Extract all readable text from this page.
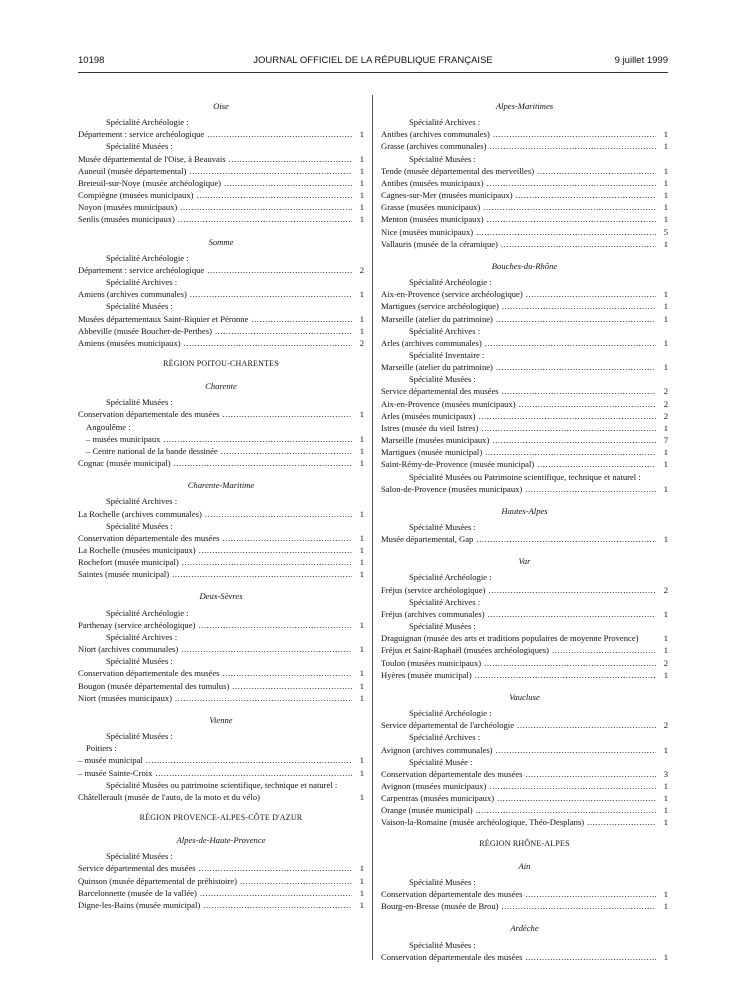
10198	JOURNAL OFFICIEL DE LA RÉPUBLIQUE FRANÇAISE	9 juillet 1999
Oise
Spécialité Archéologie :
Département : service archéologique .....	1
Spécialité Musées :
Musée départemental de l'Oise, à Beauvais .....	1
Auneuil (musée départemental) .....	1
Breteuil-sur-Noye (musée archéologique) .....	1
Compiègne (musées municipaux) .....	1
Noyon (musées municipaux) .....	1
Senlis (musées municipaux) .....	1
Somme
Spécialité Archéologie :
Département : service archéologique .....	2
Spécialité Archives :
Amiens (archives communales) .....	1
Spécialité Musées :
Musées départementaux Saint-Riquier et Péronne .....	1
Abbeville (musée Boucher-de-Perthes) .....	1
Amiens (musées municipaux) .....	2
RÉGION POITOU-CHARENTES
Charente
Spécialité Musées :
Conservation départementale des musées .....	1
Angoulême :
– musées municipaux .....	1
– Centre national de la bande dessinée .....	1
Cognac (musée municipal) .....	1
Charente-Maritime
Spécialité Archives :
La Rochelle (archives communales) .....	1
Spécialité Musées :
Conservation départementale des musées .....	1
La Rochelle (musées municipaux) .....	1
Rochefort (musée municipal) .....	1
Saintes (musée municipal) .....	1
Deux-Sèvres
Spécialité Archéologie :
Parthenay (service archéologique) .....	1
Spécialité Archives :
Niort (archives communales) .....	1
Spécialité Musées :
Conservation départementale des musées .....	1
Bougon (musée départemental des tumulus) .....	1
Niort (musées municipaux) .....	1
Vienne
Spécialité Musées :
Poitiers :
– musée municipal .....	1
– musée Sainte-Croix .....	1
Spécialité Musées ou patrimoine scientifique, technique et naturel :
Châtellerault (musée de l'auto, de la moto et du vélo)	1
RÉGION PROVENCE-ALPES-CÔTE D'AZUR
Alpes-de-Haute-Provence
Spécialité Musées :
Service départemental des musées .....	1
Quinson (musée départemental de préhistoire) .....	1
Barcelonnette (musée de la vallée) .....	1
Digne-les-Bains (musée municipal) .....	1
Alpes-Maritimes
Spécialité Archives :
Antibes (archives communales) .....	1
Grasse (archives communales) .....	1
Spécialité Musées :
Tende (musée départemental des merveilles) .....	1
Antibes (musées municipaux) .....	1
Cagnes-sur-Mer (musées municipaux) .....	1
Grasse (musées municipaux) .....	1
Menton (musées municipaux) .....	1
Nice (musées municipaux) .....	5
Vallauris (musée de la céramique) .....	1
Bouches-du-Rhône
Spécialité Archéologie :
Aix-en-Provence (service archéologique) .....	1
Martigues (service archéologique) .....	1
Marseille (atelier du patrimoine) .....	1
Spécialité Archives :
Arles (archives communales) .....	1
Spécialité Inventaire :
Marseille (atelier du patrimoine) .....	1
Spécialité Musées :
Service départemental des musées .....	2
Aix-en-Provence (musées municipaux) .....	2
Arles (musées municipaux) .....	2
Istres (musée du vieil Istres) .....	1
Marseille (musées municipaux) .....	7
Martigues (musée municipal) .....	1
Saint-Rémy-de-Provence (musée municipal) .....	1
Spécialité Musées ou Patrimoine scientifique, technique et naturel :
Salon-de-Provence (musées municipaux) .....	1
Hautes-Alpes
Spécialité Musées :
Musée départemental, Gap .....	1
Var
Spécialité Archéologie :
Fréjus (service archéologique) .....	2
Spécialité Archives :
Fréjus (archives communales) .....	1
Spécialité Musées :
Draguignan (musée des arts et traditions populaires de moyenne Provence)	1
Fréjus et Saint-Raphaël (musées archéologiques) .....	1
Toulon (musées municipaux) .....	2
Hyères (musée municipal) .....	1
Vaucluse
Spécialité Archéologie :
Service départemental de l'archéologie .....	2
Spécialité Archives :
Avignon (archives communales) .....	1
Spécialité Musée :
Conservation départementale des musées .....	3
Avignon (musées municipaux) .....	1
Carpentras (musées municipaux) .....	1
Orange (musée municipal) .....	1
Vaison-la-Romaine (musée archéologique, Théo-Desplans) .....	1
RÉGION RHÔNE-ALPES
Ain
Spécialité Musées :
Conservation départementale des musées .....	1
Bourg-en-Bresse (musée de Brou) .....	1
Ardèche
Spécialité Musées :
Conservation départementale des musées .....	1
